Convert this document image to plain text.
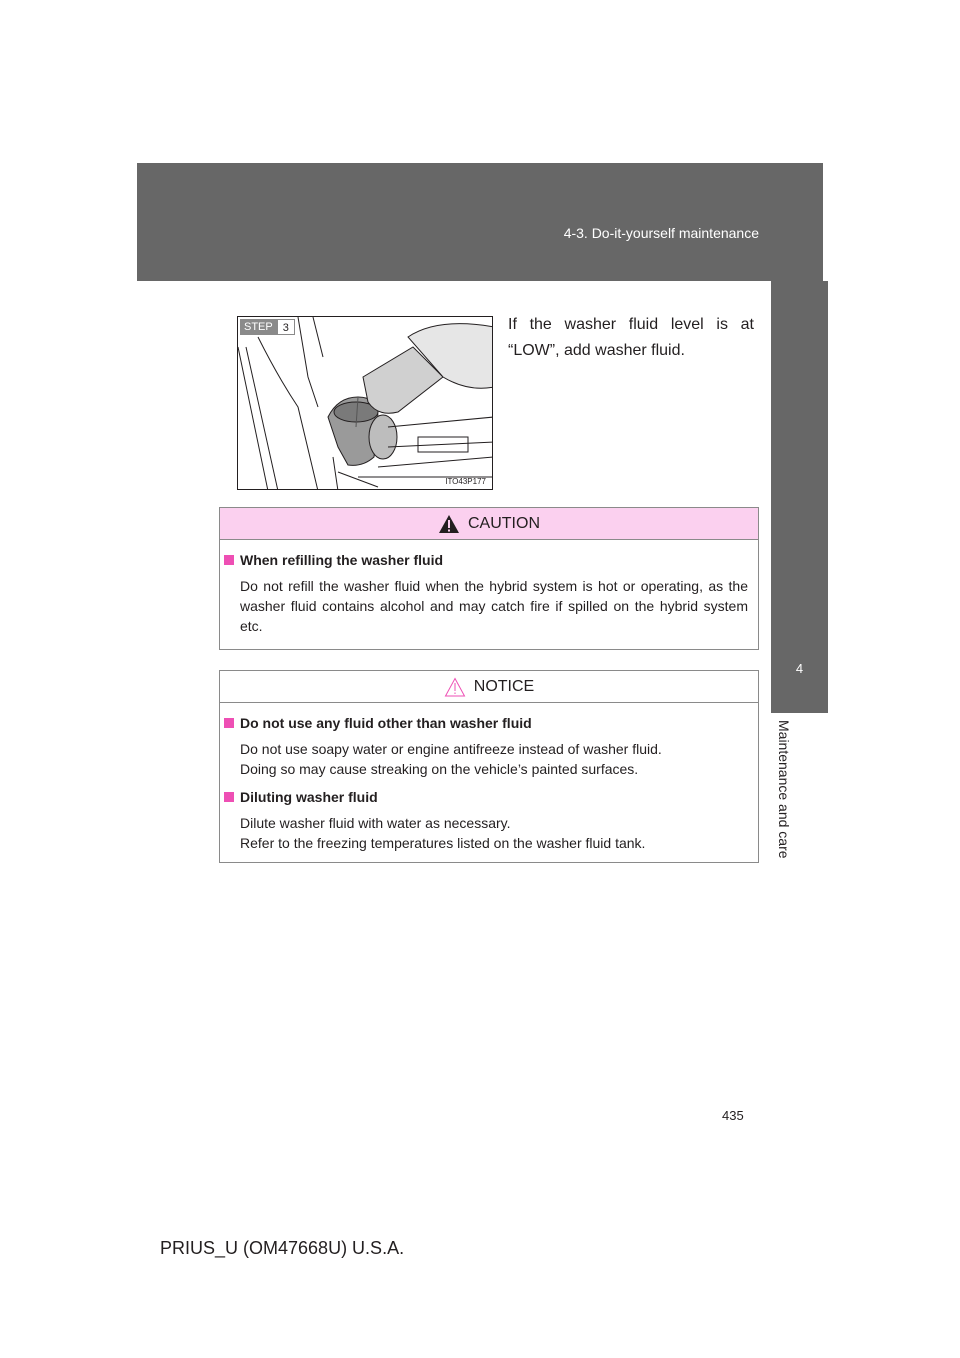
4-3. Do-it-yourself maintenance
4
Maintenance and care
STEP 3
ITO43P177
If the washer fluid level is at “LOW”, add washer fluid.
CAUTION
When refilling the washer fluid
Do not refill the washer fluid when the hybrid system is hot or operating, as the washer fluid contains alcohol and may catch fire if spilled on the hybrid system etc.
NOTICE
Do not use any fluid other than washer fluid
Do not use soapy water or engine antifreeze instead of washer fluid.
Doing so may cause streaking on the vehicle’s painted surfaces.
Diluting washer fluid
Dilute washer fluid with water as necessary.
Refer to the freezing temperatures listed on the washer fluid tank.
435
PRIUS_U (OM47668U) U.S.A.
